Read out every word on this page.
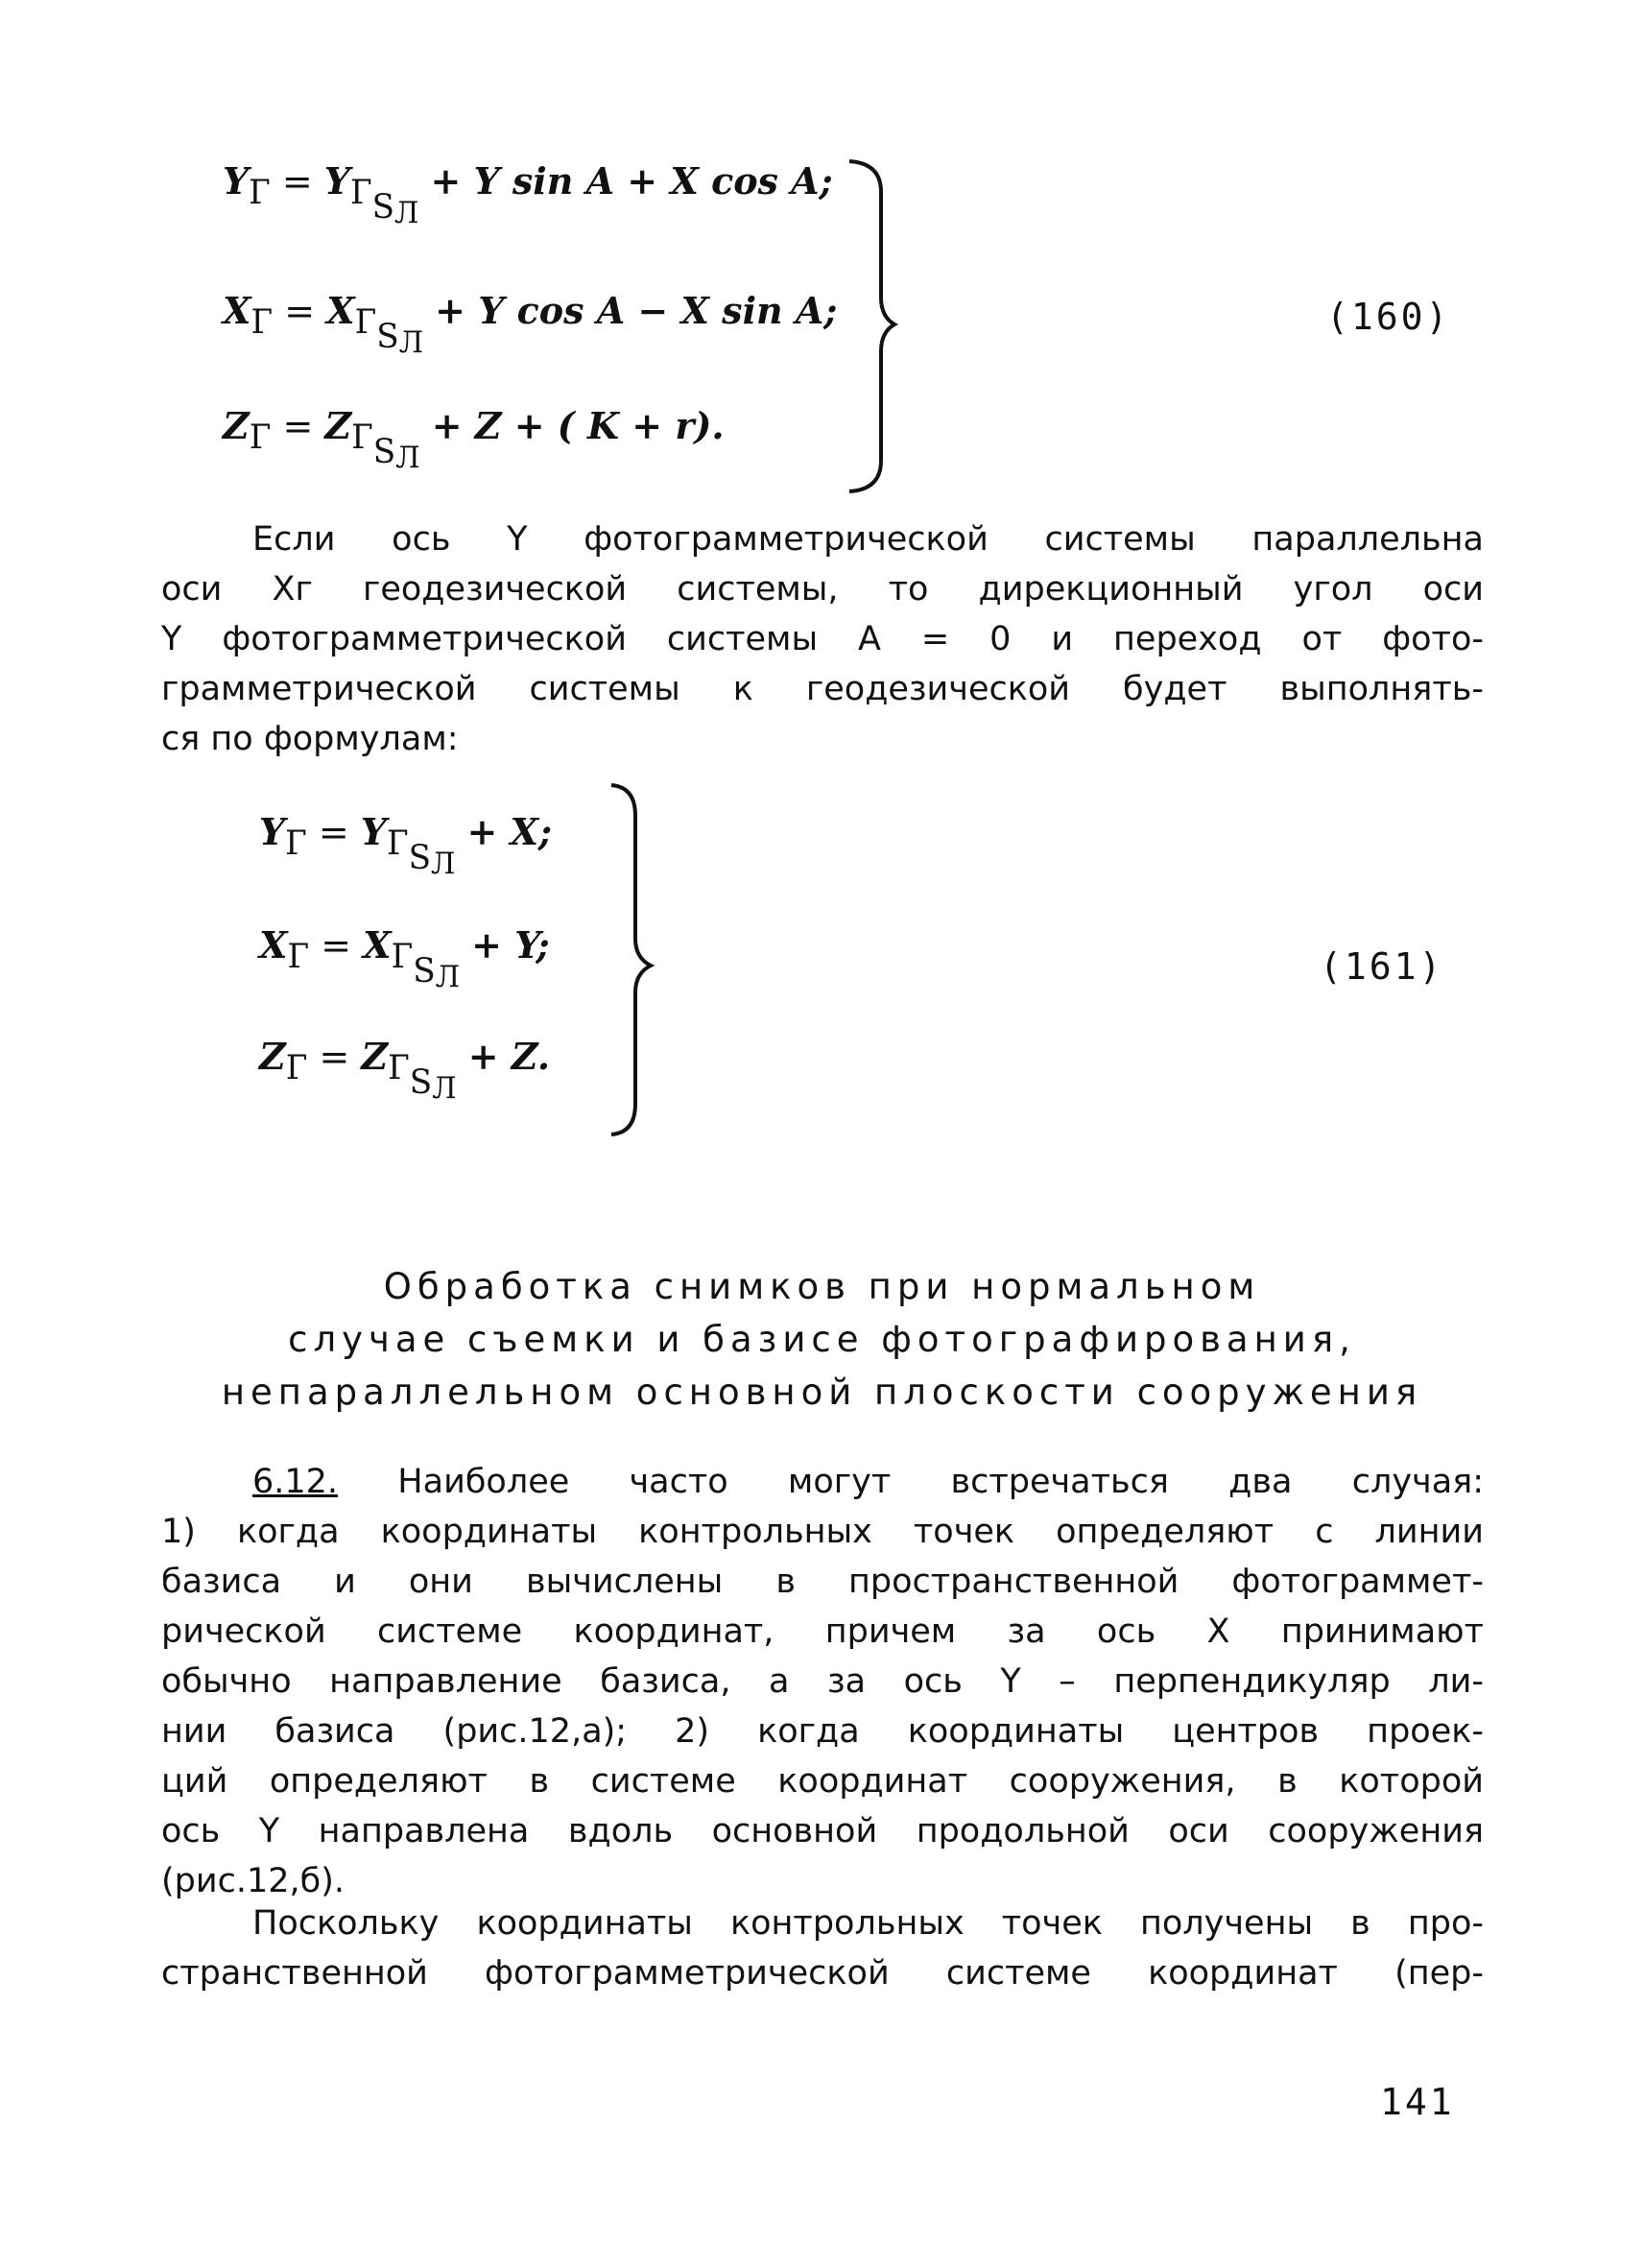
YГ = $YГS_Л + Y$ sin A + X cos A;
XГ = $XГS_Л + Y$ cos A − X sin A;
ZГ = $ZГS_Л + Z$ + ( K + r).
(160)
Если ось Y фотограмметрической системы параллельна
оси Xг геодезической системы, то дирекционный угол оси
Y фотограмметрической системы A = 0 и переход от фото-
грамметрической системы к геодезической будет выполнять-
ся по формулам:
YГ = $YГS_Л + X$;
XГ = $XГS_Л + Y$;
ZГ = $ZГS_Л + Z$.
(161)
Обработка снимков при нормальном
случае съемки и базисе фотографирования,
непараллельном основной плоскости сооружения
6.12. Наиболее часто могут встречаться два случая:
1) когда координаты контрольных точек определяют с линии
базиса и они вычислены в пространственной фотограммет-
рической системе координат, причем за ось X принимают
обычно направление базиса, а за ось Y – перпендикуляр ли-
нии базиса (рис.12,а); 2) когда координаты центров проек-
ций определяют в системе координат сооружения, в которой
ось Y направлена вдоль основной продольной оси сооружения
(рис.12,б).
Поскольку координаты контрольных точек получены в про-
странственной фотограмметрической системе координат (пер-
141
